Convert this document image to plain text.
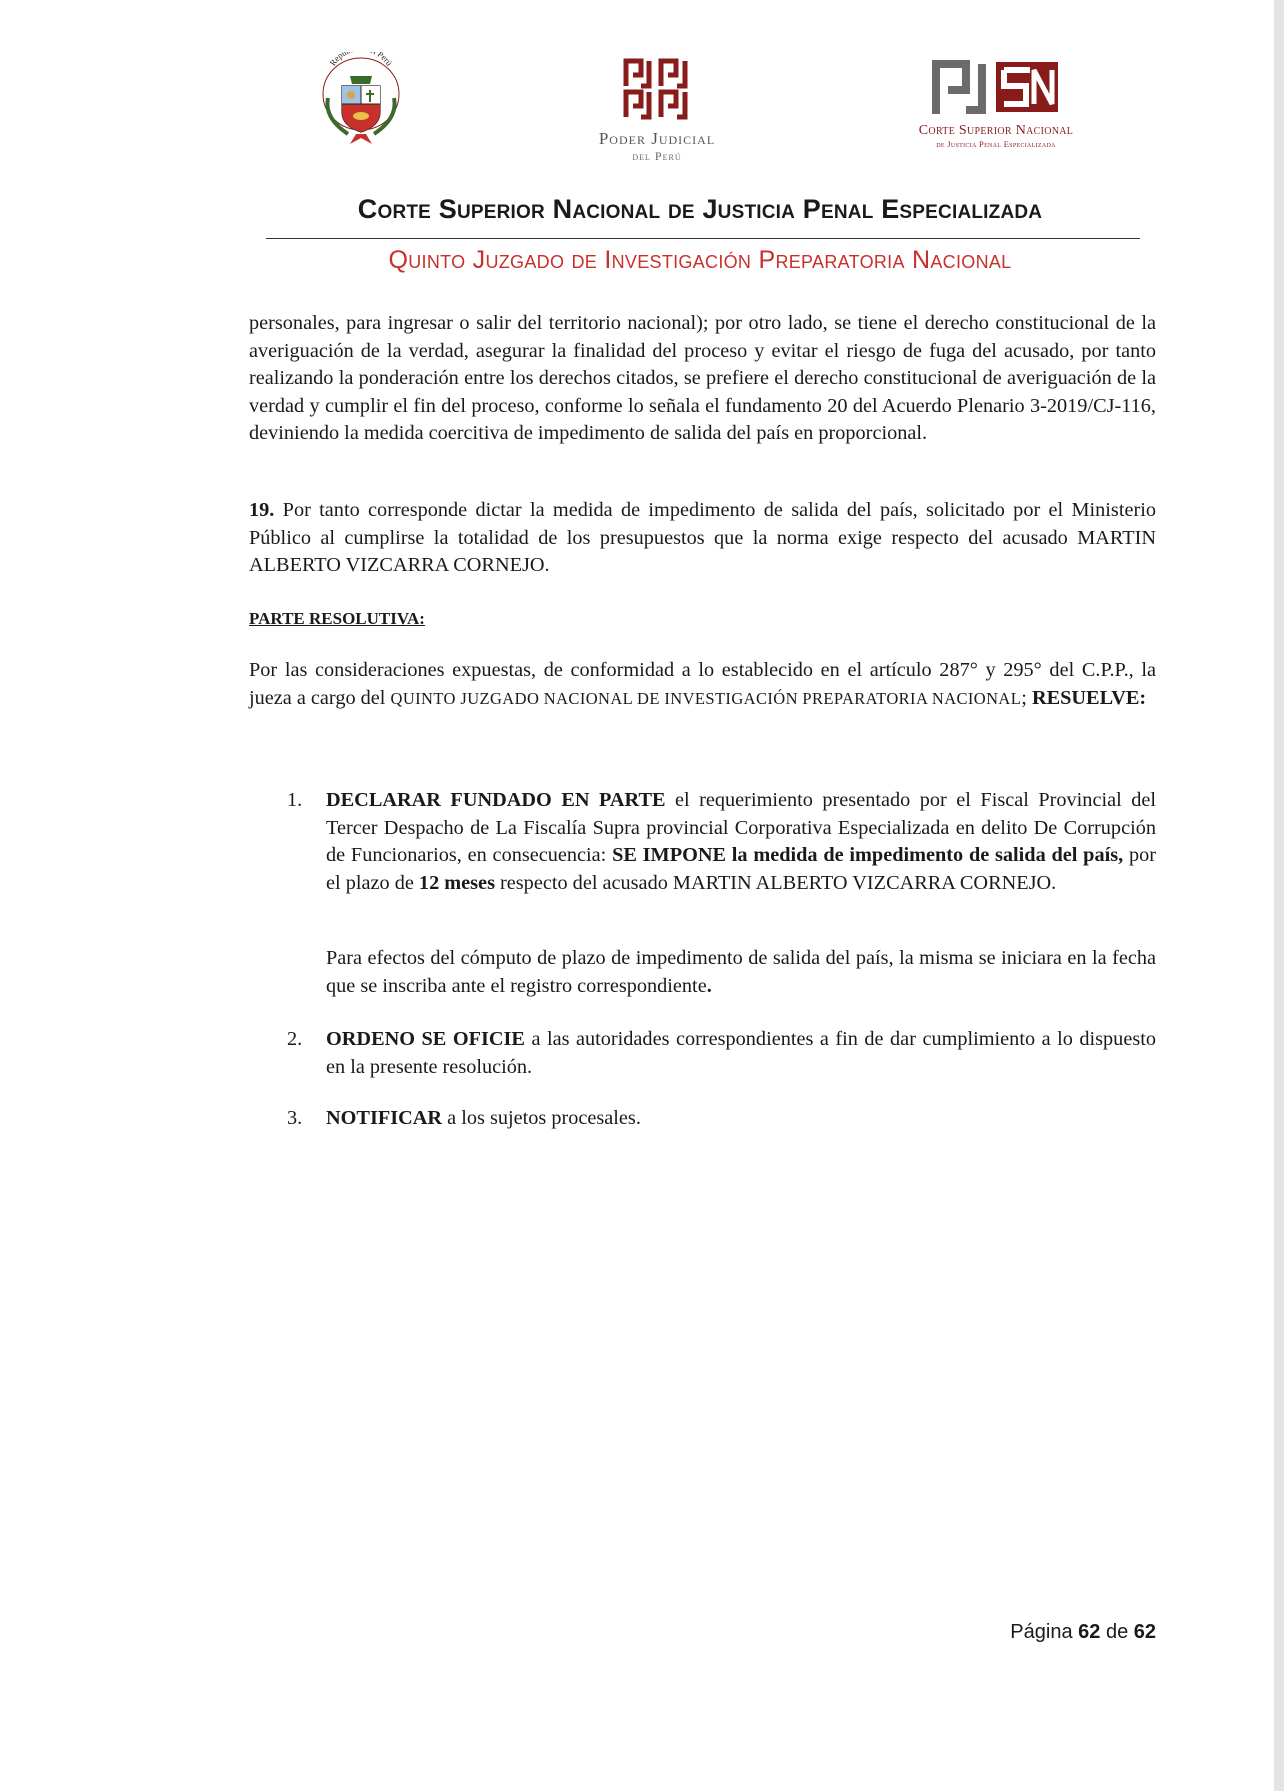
Repú Perú
Poder Judicial
del Perú
Corte Superior Nacional
de Justicia Penal Especializada
Corte Superior Nacional de Justicia Penal Especializada
Quinto Juzgado de Investigación Preparatoria Nacional
personales, para ingresar o salir del territorio nacional); por otro lado, se tiene el derecho constitucional de la averiguación de la verdad, asegurar la finalidad del proceso y evitar el riesgo de fuga del acusado, por tanto realizando la ponderación entre los derechos citados, se prefiere el derecho constitucional de averiguación de la verdad y cumplir el fin del proceso, conforme lo señala el fundamento 20 del Acuerdo Plenario 3-2019/CJ-116, deviniendo la medida coercitiva de impedimento de salida del país en proporcional.
19. Por tanto corresponde dictar la medida de impedimento de salida del país, solicitado por el Ministerio Público al cumplirse la totalidad de los presupuestos que la norma exige respecto del acusado MARTIN ALBERTO VIZCARRA CORNEJO.
PARTE RESOLUTIVA:
Por las consideraciones expuestas, de conformidad a lo establecido en el artículo 287° y 295° del C.P.P., la jueza a cargo del QUINTO JUZGADO NACIONAL DE INVESTIGACIÓN PREPARATORIA NACIONAL; RESUELVE:
1. DECLARAR FUNDADO EN PARTE el requerimiento presentado por el Fiscal Provincial del Tercer Despacho de La Fiscalía Supra provincial Corporativa Especializada en delito De Corrupción de Funcionarios, en consecuencia: SE IMPONE la medida de impedimento de salida del país, por el plazo de 12 meses respecto del acusado MARTIN ALBERTO VIZCARRA CORNEJO.
Para efectos del cómputo de plazo de impedimento de salida del país, la misma se iniciara en la fecha que se inscriba ante el registro correspondiente.
2. ORDENO SE OFICIE a las autoridades correspondientes a fin de dar cumplimiento a lo dispuesto en la presente resolución.
3. NOTIFICAR a los sujetos procesales.
Página 62 de 62
